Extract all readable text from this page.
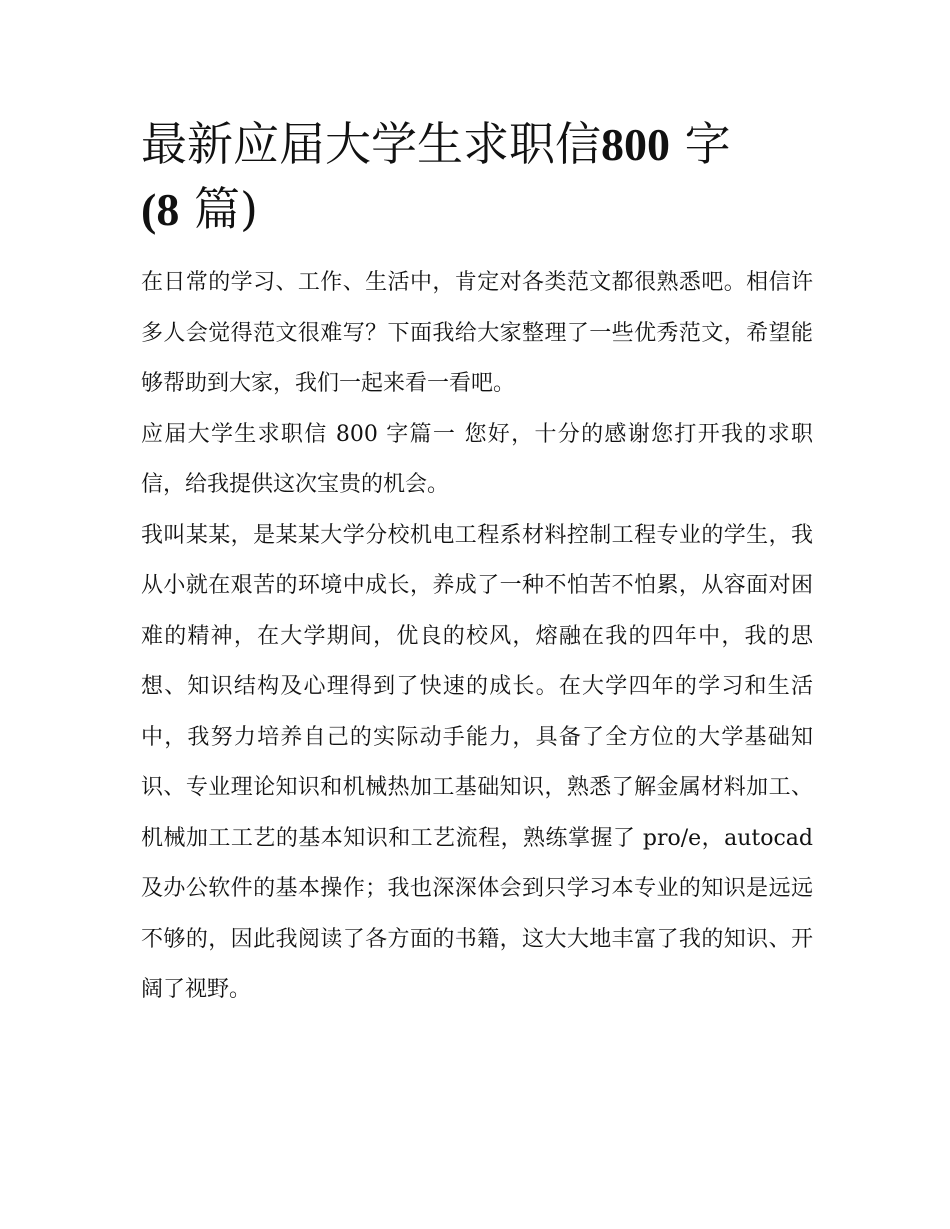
最新应届大学生求职信800 字
(8 篇)

在日常的学习、工作、生活中，肯定对各类范文都很熟悉吧。相信许多人会觉得范文很难写？下面我给大家整理了一些优秀范文，希望能够帮助到大家，我们一起来看一看吧。

应届大学生求职信 800 字篇一 您好，十分的感谢您打开我的求职信，给我提供这次宝贵的机会。

我叫某某，是某某大学分校机电工程系材料控制工程专业的学生，我从小就在艰苦的环境中成长，养成了一种不怕苦不怕累，从容面对困难的精神，在大学期间，优良的校风，熔融在我的四年中，我的思想、知识结构及心理得到了快速的成长。在大学四年的学习和生活中，我努力培养自己的实际动手能力，具备了全方位的大学基础知识、专业理论知识和机械热加工基础知识，熟悉了解金属材料加工、机械加工工艺的基本知识和工艺流程，熟练掌握了 pro/e，autocad 及办公软件的基本操作；我也深深体会到只学习本专业的知识是远远不够的，因此我阅读了各方面的书籍，这大大地丰富了我的知识、开阔了视野。
